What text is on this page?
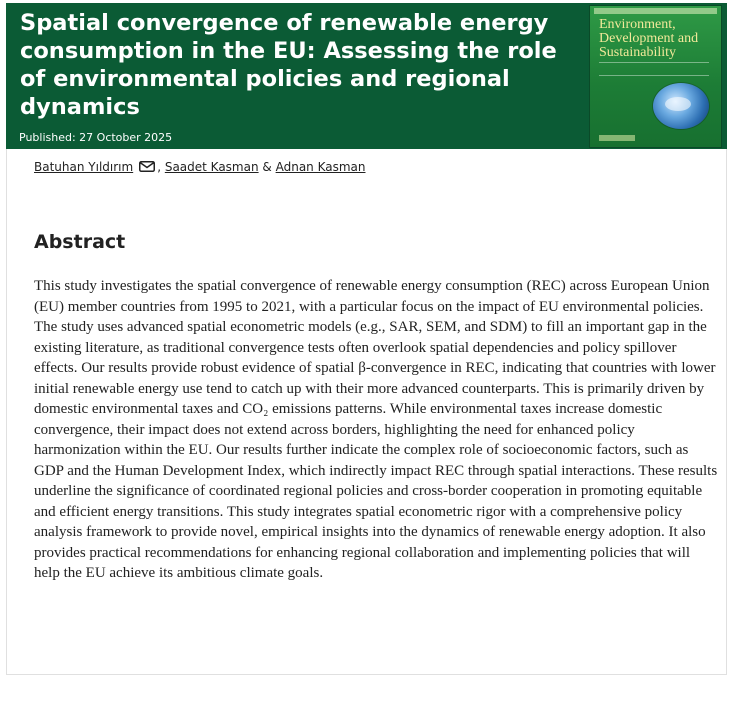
Spatial convergence of renewable energy consumption in the EU: Assessing the role of environmental policies and regional dynamics
Published: 27 October 2025
Environment, Development and Sustainability
Batuhan Yıldırım , Saadet Kasman & Adnan Kasman
Abstract

This study investigates the spatial convergence of renewable energy consumption (REC) across European Union (EU) member countries from 1995 to 2021, with a particular focus on the impact of EU environmental policies. The study uses advanced spatial econometric models (e.g., SAR, SEM, and SDM) to fill an important gap in the existing literature, as traditional convergence tests often overlook spatial dependencies and policy spillover effects. Our results provide robust evidence of spatial β-convergence in REC, indicating that countries with lower initial renewable energy use tend to catch up with their more advanced counterparts. This is primarily driven by domestic environmental taxes and CO₂ emissions patterns. While environmental taxes increase domestic convergence, their impact does not extend across borders, highlighting the need for enhanced policy harmonization within the EU. Our results further indicate the complex role of socioeconomic factors, such as GDP and the Human Development Index, which indirectly impact REC through spatial interactions. These results underline the significance of coordinated regional policies and cross-border cooperation in promoting equitable and efficient energy transitions. This study integrates spatial econometric rigor with a comprehensive policy analysis framework to provide novel, empirical insights into the dynamics of renewable energy adoption. It also provides practical recommendations for enhancing regional collaboration and implementing policies that will help the EU achieve its ambitious climate goals.
